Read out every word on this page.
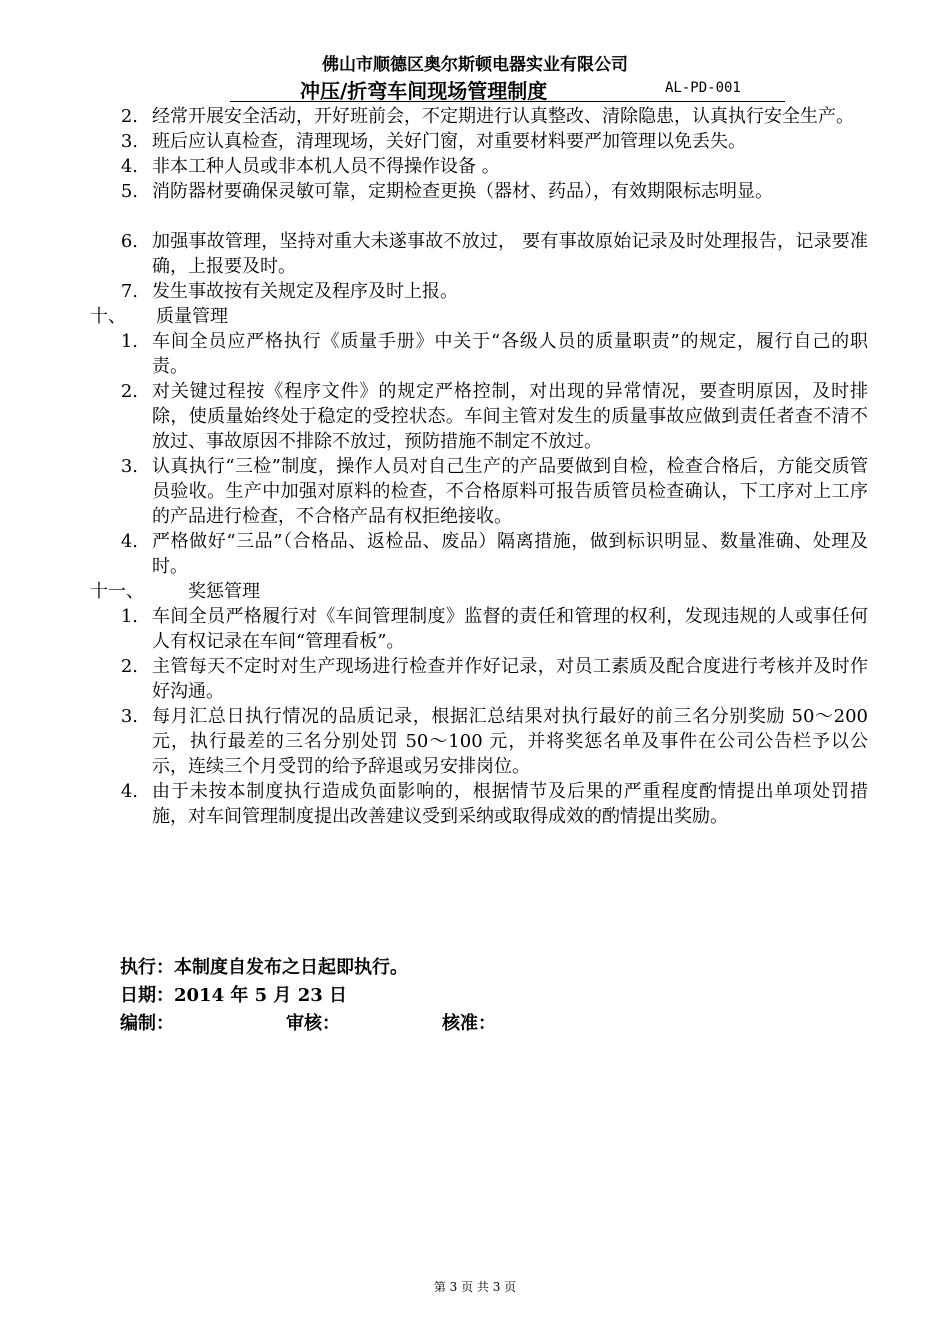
佛山市顺德区奥尔斯顿电器实业有限公司
冲压/折弯车间现场管理制度	AL-PD-001
2. 经常开展安全活动，开好班前会，不定期进行认真整改、清除隐患，认真执行安全生产。
3. 班后应认真检查，清理现场，关好门窗，对重要材料要严加管理以免丢失。
4. 非本工种人员或非本机人员不得操作设备 。
5. 消防器材要确保灵敏可靠，定期检查更换（器材、药品），有效期限标志明显。
6. 加强事故管理，坚持对重大未遂事故不放过， 要有事故原始记录及时处理报告，记录要准确，上报要及时。
7. 发生事故按有关规定及程序及时上报。
十、	质量管理
1. 车间全员应严格执行《质量手册》中关于“各级人员的质量职责”的规定，履行自己的职责。
2. 对关键过程按《程序文件》的规定严格控制，对出现的异常情况，要查明原因，及时排除，使质量始终处于稳定的受控状态。车间主管对发生的质量事故应做到责任者查不清不放过、事故原因不排除不放过，预防措施不制定不放过。
3. 认真执行“三检”制度，操作人员对自己生产的产品要做到自检，检查合格后，方能交质管员验收。生产中加强对原料的检查，不合格原料可报告质管员检查确认，下工序对上工序的产品进行检查，不合格产品有权拒绝接收。
4. 严格做好“三品”（合格品、返检品、废品）隔离措施，做到标识明显、数量准确、处理及时。
十一、	奖惩管理
1. 车间全员严格履行对《车间管理制度》监督的责任和管理的权利，发现违规的人或事任何人有权记录在车间“管理看板”。
2. 主管每天不定时对生产现场进行检查并作好记录，对员工素质及配合度进行考核并及时作好沟通。
3. 每月汇总日执行情况的品质记录，根据汇总结果对执行最好的前三名分别奖励 50～200 元，执行最差的三名分别处罚 50～100 元，并将奖惩名单及事件在公司公告栏予以公示，连续三个月受罚的给予辞退或另安排岗位。
4. 由于未按本制度执行造成负面影响的，根据情节及后果的严重程度酌情提出单项处罚措施，对车间管理制度提出改善建议受到采纳或取得成效的酌情提出奖励。
执行：本制度自发布之日起即执行。
日期：2014 年 5 月 23 日
编制：	审核：	核准：
第 3 页 共 3 页
